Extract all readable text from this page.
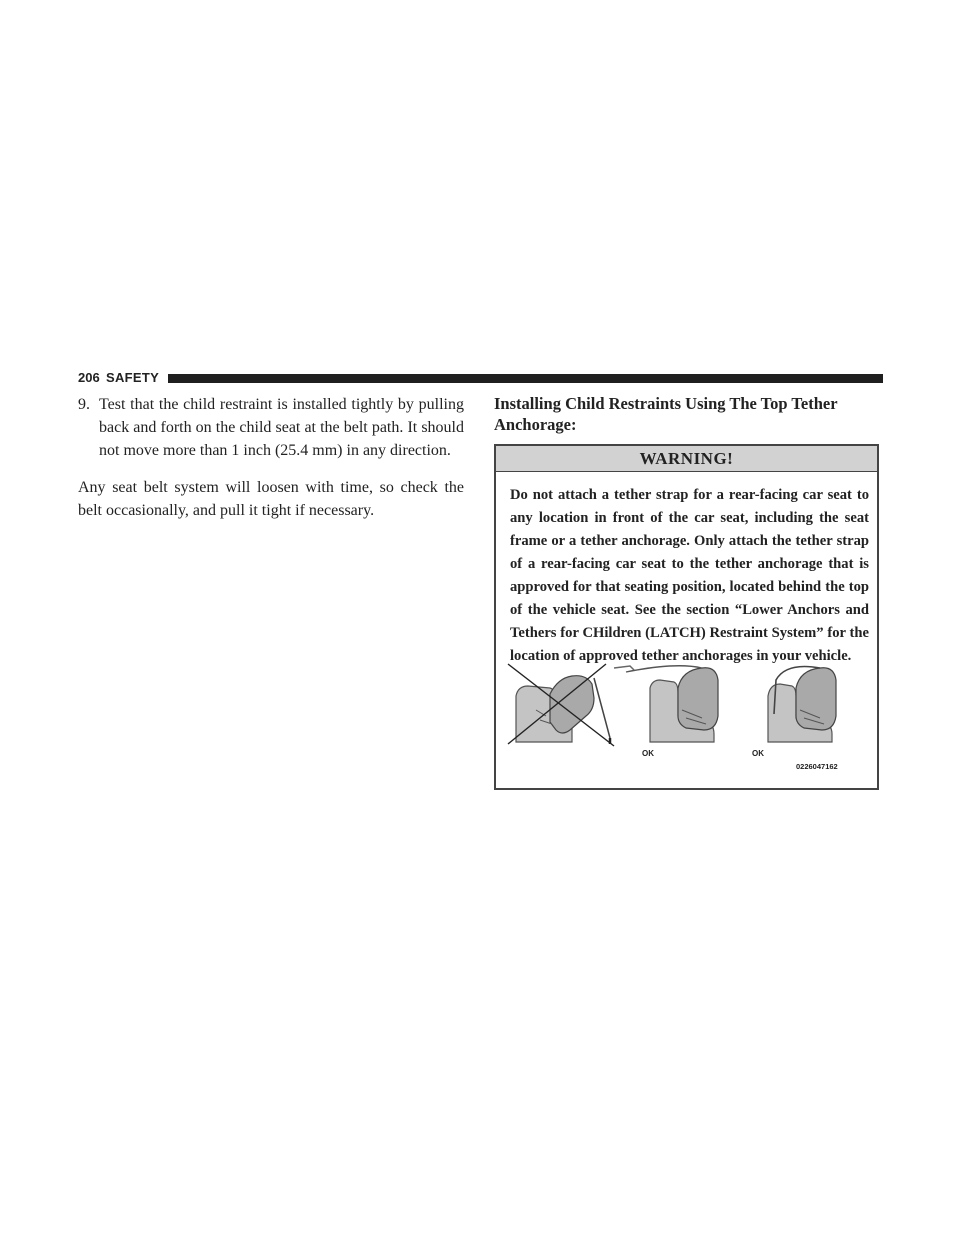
206 SAFETY
9. Test that the child restraint is installed tightly by pulling back and forth on the child seat at the belt path. It should not move more than 1 inch (25.4 mm) in any direction.
Any seat belt system will loosen with time, so check the belt occasionally, and pull it tight if necessary.
Installing Child Restraints Using The Top Tether Anchorage:
WARNING!
Do not attach a tether strap for a rear-facing car seat to any location in front of the car seat, including the seat frame or a tether anchorage. Only attach the tether strap of a rear-facing car seat to the tether anchorage that is approved for that seating position, located behind the top of the vehicle seat. See the section “Lower Anchors and Tethers for CHildren (LATCH) Restraint System” for the location of approved tether anchorages in your vehicle.
OK	OK
0226047162
